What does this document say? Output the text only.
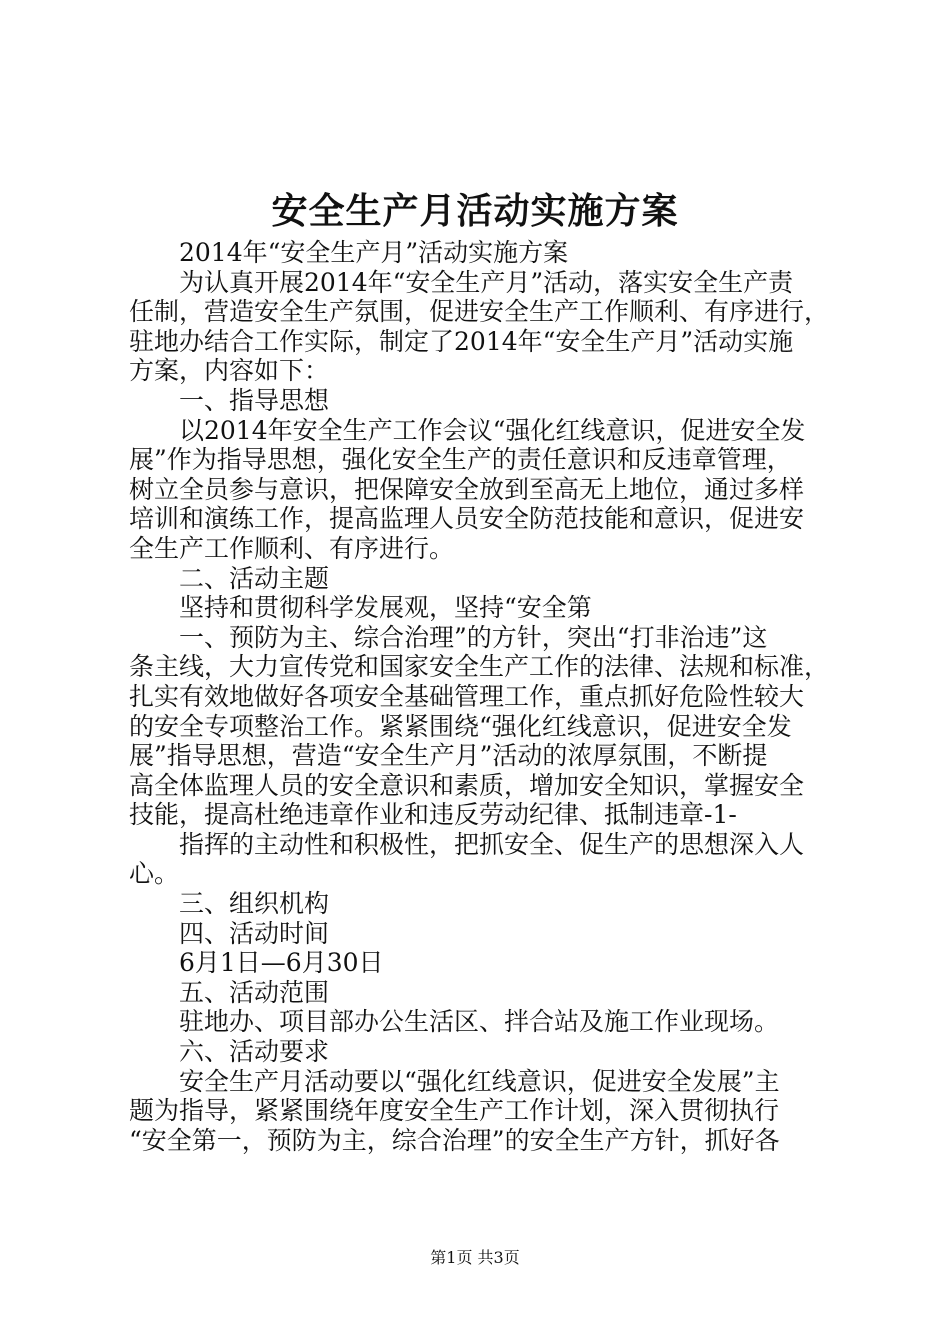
安全生产月活动实施方案
2014年“安全生产月”活动实施方案
为认真开展2014年“安全生产月”活动，落实安全生产责
任制，营造安全生产氛围，促进安全生产工作顺利、有序进行，
驻地办结合工作实际，制定了2014年“安全生产月”活动实施
方案，内容如下：
一、指导思想
以2014年安全生产工作会议“强化红线意识，促进安全发
展”作为指导思想，强化安全生产的责任意识和反违章管理，
树立全员参与意识，把保障安全放到至高无上地位，通过多样
培训和演练工作，提高监理人员安全防范技能和意识，促进安
全生产工作顺利、有序进行。
二、活动主题
坚持和贯彻科学发展观，坚持“安全第
一、预防为主、综合治理”的方针，突出“打非治违”这
条主线，大力宣传党和国家安全生产工作的法律、法规和标准，
扎实有效地做好各项安全基础管理工作，重点抓好危险性较大
的安全专项整治工作。紧紧围绕“强化红线意识，促进安全发
展”指导思想，营造“安全生产月”活动的浓厚氛围，不断提
高全体监理人员的安全意识和素质，增加安全知识，掌握安全
技能，提高杜绝违章作业和违反劳动纪律、抵制违章-1-
指挥的主动性和积极性，把抓安全、促生产的思想深入人
心。
三、组织机构
四、活动时间
6月1日—6月30日
五、活动范围
驻地办、项目部办公生活区、拌合站及施工作业现场。
六、活动要求
安全生产月活动要以“强化红线意识，促进安全发展”主
题为指导，紧紧围绕年度安全生产工作计划，深入贯彻执行
“安全第一，预防为主，综合治理”的安全生产方针，抓好各
第1页 共3页
